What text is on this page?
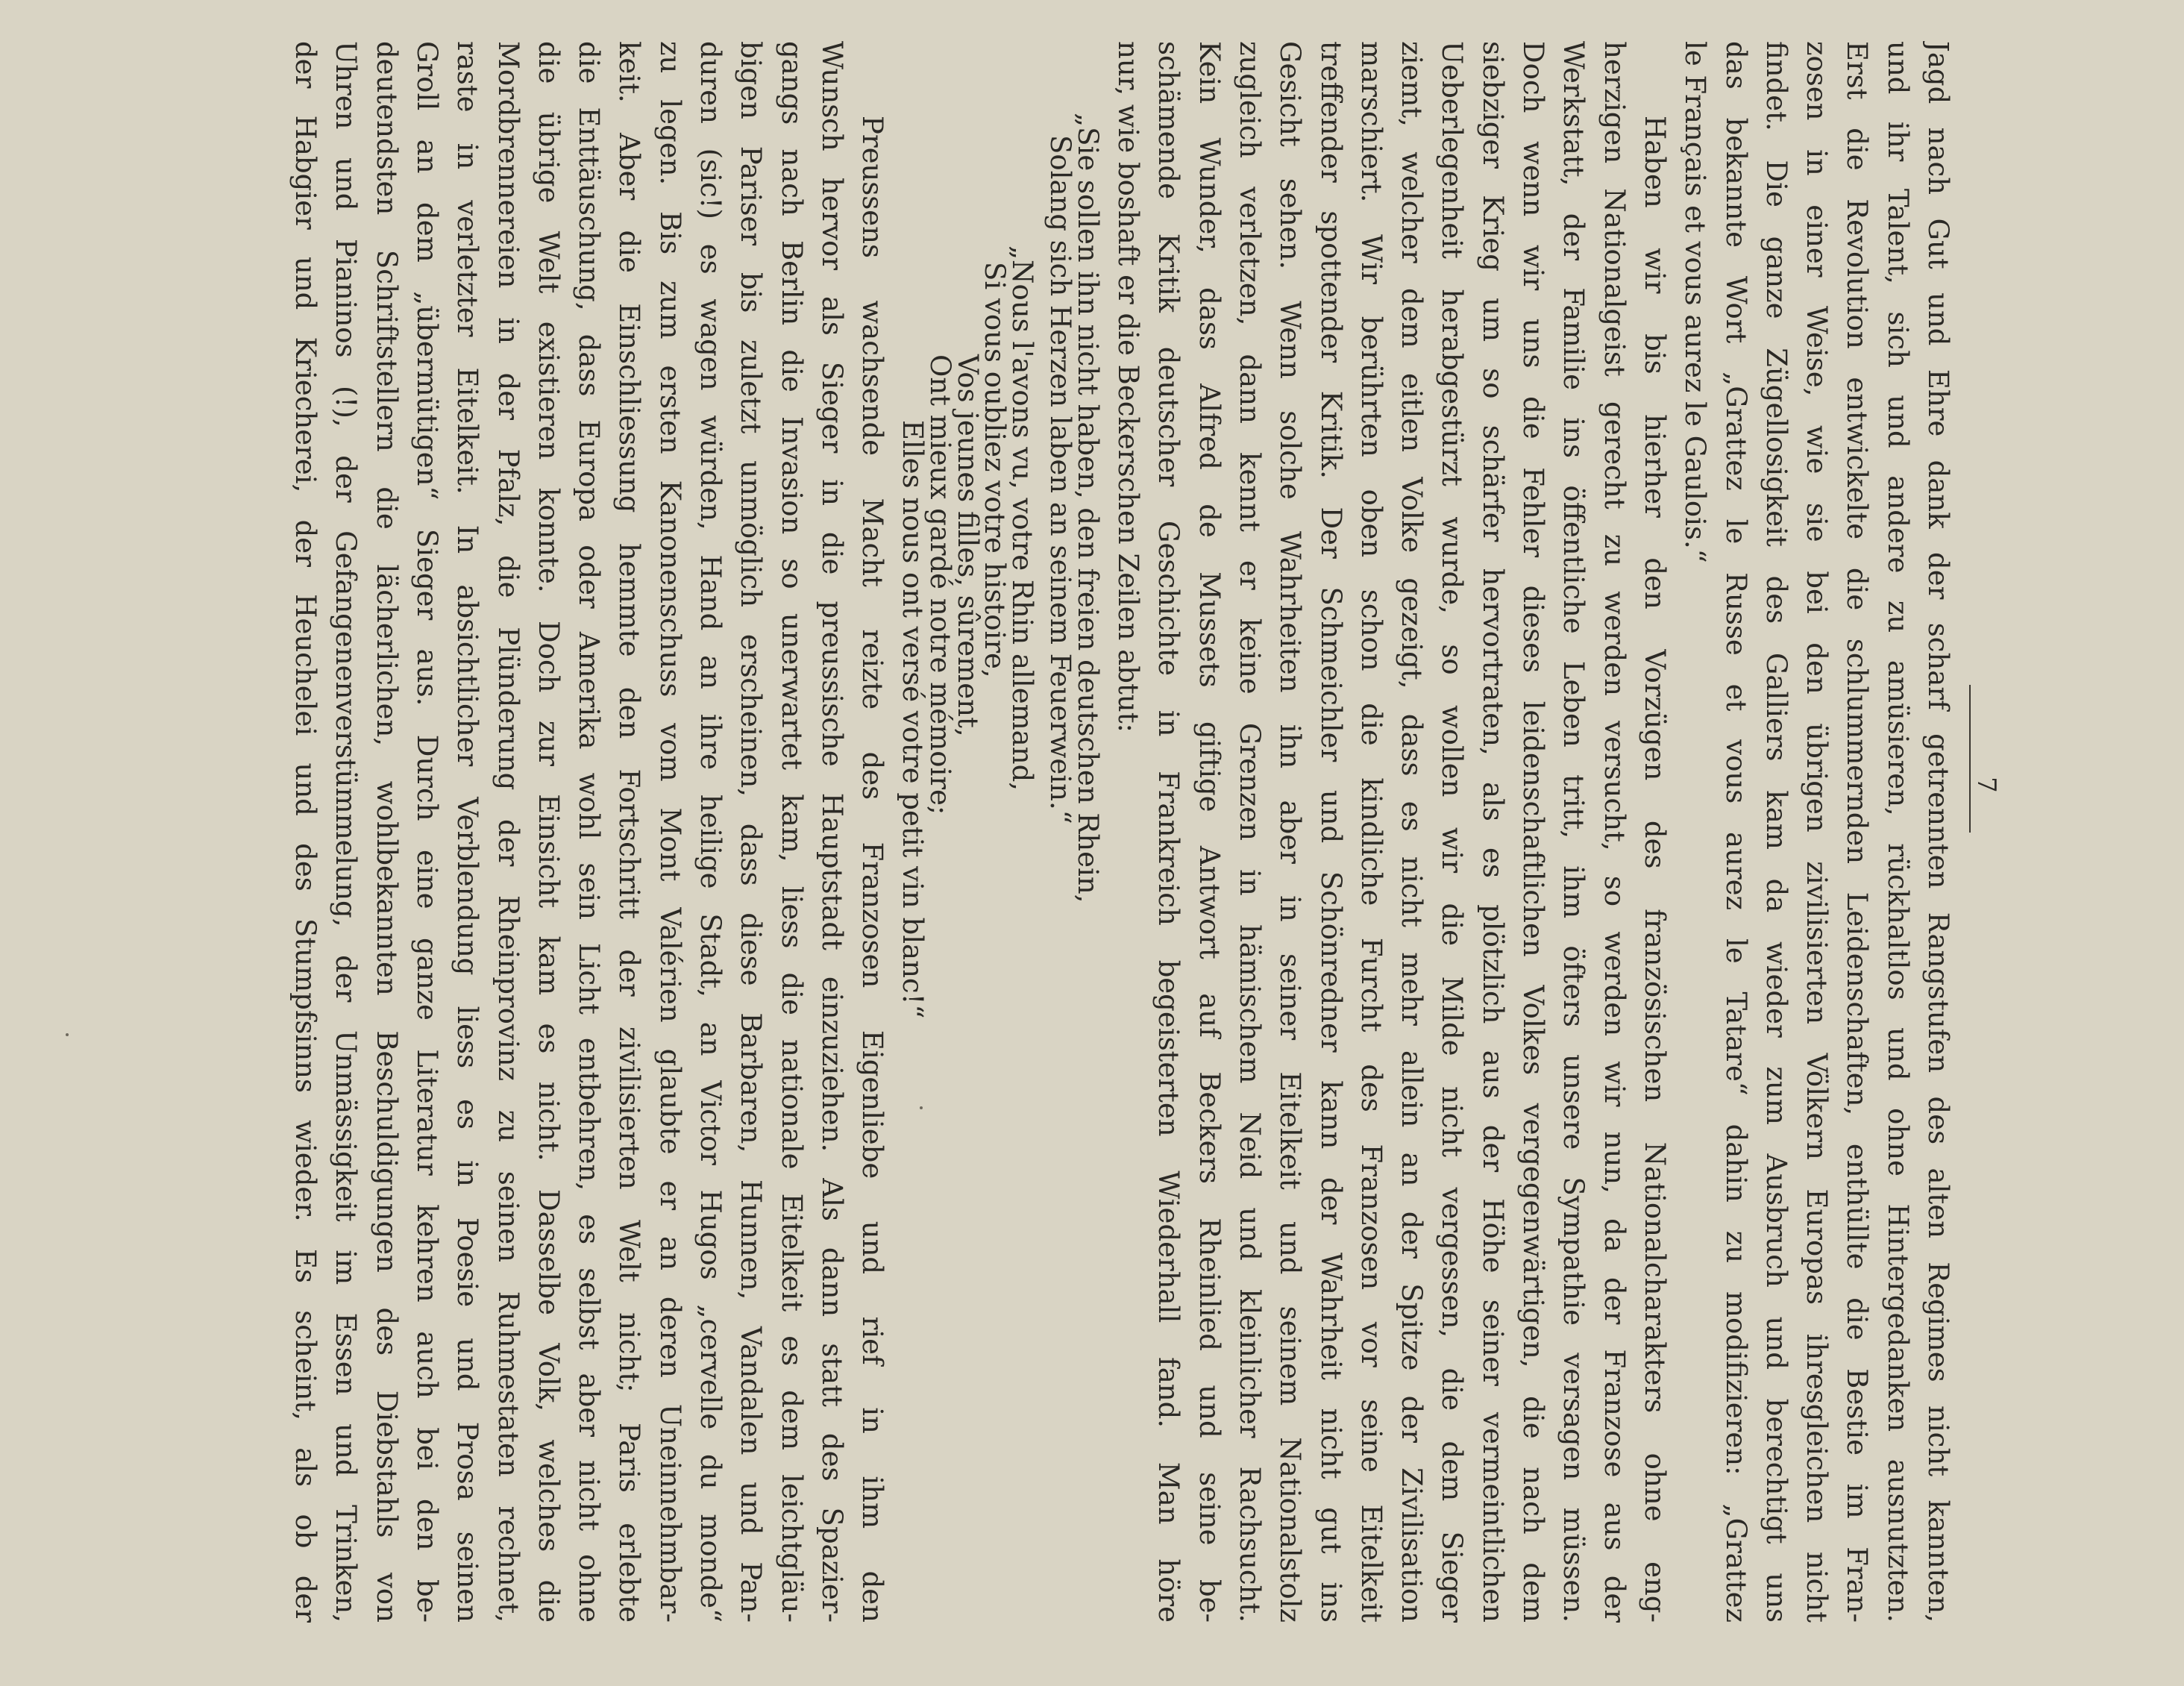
7
Jagd nach Gut und Ehre dank der scharf getrennten Rangstufen des alten Regimes nicht kannten,
und ihr Talent, sich und andere zu amüsieren, rückhaltlos und ohne Hintergedanken ausnutzten.
Erst die Revolution entwickelte die schlummernden Leidenschaften, enthüllte die Bestie im Fran-
zosen in einer Weise, wie sie bei den übrigen zivilisierten Völkern Europas ihresgleichen nicht
findet. Die ganze Zügellosigkeit des Galliers kam da wieder zum Ausbruch und berechtigt uns
das bekannte Wort „Grattez le Russe et vous aurez le Tatare“ dahin zu modifizieren: „Grattez
le Français et vous aurez le Gaulois.“
Haben wir bis hierher den Vorzügen des französischen Nationalcharakters ohne eng-
herzigen Nationalgeist gerecht zu werden versucht, so werden wir nun, da der Franzose aus der
Werkstatt, der Familie ins öffentliche Leben tritt, ihm öfters unsere Sympathie versagen müssen.
Doch wenn wir uns die Fehler dieses leidenschaftlichen Volkes vergegenwärtigen, die nach dem
siebziger Krieg um so schärfer hervortraten, als es plötzlich aus der Höhe seiner vermeintlichen
Ueberlegenheit herabgestürzt wurde, so wollen wir die Milde nicht vergessen, die dem Sieger
ziemt, welcher dem eitlen Volke gezeigt, dass es nicht mehr allein an der Spitze der Zivilisation
marschiert. Wir berührten oben schon die kindliche Furcht des Franzosen vor seine Eitelkeit
treffender spottender Kritik. Der Schmeichler und Schönredner kann der Wahrheit nicht gut ins
Gesicht sehen. Wenn solche Wahrheiten ihn aber in seiner Eitelkeit und seinem Nationalstolz
zugleich verletzen, dann kennt er keine Grenzen in hämischem Neid und kleinlicher Rachsucht.
Kein Wunder, dass Alfred de Mussets giftige Antwort auf Beckers Rheinlied und seine be-
schämende Kritik deutscher Geschichte in Frankreich begeisterten Wiederhall fand. Man höre
nur, wie boshaft er die Beckerschen Zeilen abtut:
„Sie sollen ihn nicht haben, den freien deutschen Rhein,
Solang sich Herzen laben an seinem Feuerwein.“
„Nous l'avons vu, votre Rhin allemand,
Si vous oubliez votre histoire,
Vos jeunes filles, sûrement,
Ont mieux gardé notre mémoire;
Elles nous ont versé votre petit vin blanc!“
Preussens wachsende Macht reizte des Franzosen Eigenliebe und rief in ihm den
Wunsch hervor als Sieger in die preussische Hauptstadt einzuziehen. Als dann statt des Spazier-
gangs nach Berlin die Invasion so unerwartet kam, liess die nationale Eitelkeit es dem leichtgläu-
bigen Pariser bis zuletzt unmöglich erscheinen, dass diese Barbaren, Hunnen, Vandalen und Pan-
duren (sic!) es wagen würden, Hand an ihre heilige Stadt, an Victor Hugos „cervelle du monde“
zu legen. Bis zum ersten Kanonenschuss vom Mont Valérien glaubte er an deren Uneinnehmbar-
keit. Aber die Einschliessung hemmte den Fortschritt der zivilisierten Welt nicht; Paris erlebte
die Enttäuschung, dass Europa oder Amerika wohl sein Licht entbehren, es selbst aber nicht ohne
die übrige Welt existieren konnte. Doch zur Einsicht kam es nicht. Dasselbe Volk, welches die
Mordbrennereien in der Pfalz, die Plünderung der Rheinprovinz zu seinen Ruhmestaten rechnet,
raste in verletzter Eitelkeit. In absichtlicher Verblendung liess es in Poesie und Prosa seinen
Groll an dem „übermütigen“ Sieger aus. Durch eine ganze Literatur kehren auch bei den be-
deutendsten Schriftstellern die lächerlichen, wohlbekannten Beschuldigungen des Diebstahls von
Uhren und Pianinos (!), der Gefangenenverstümmelung, der Unmässigkeit im Essen und Trinken,
der Habgier und Kriecherei, der Heuchelei und des Stumpfsinns wieder. Es scheint, als ob der
